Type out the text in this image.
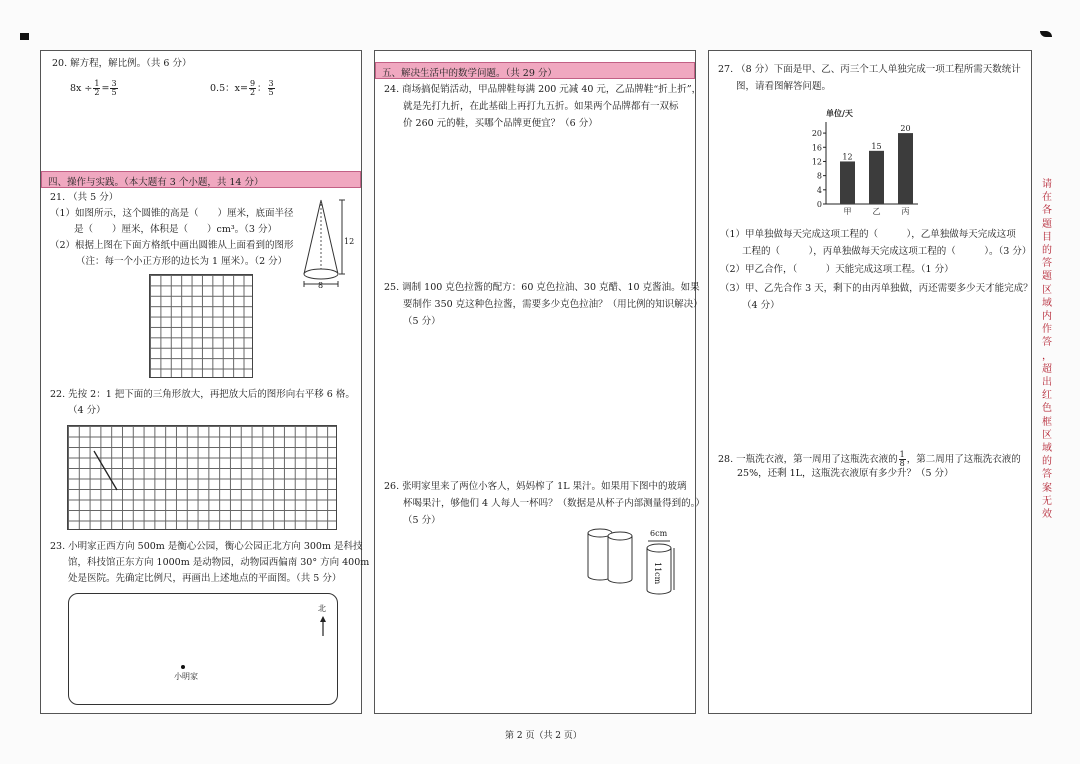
20. 解方程，解比例。（共 6 分）
$8x \div \frac{1}{2} = \frac{3}{5}$	0.5：$x= \frac{9}{2}$ ： $\frac{3}{5}$
四、操作与实践。（本大题有 3 个小题，共 14 分）
21. （共 5 分）
（1）如图所示，这个圆锥的高是（　　）厘米，底面半径
是（　　）厘米，体积是（　　）cm³。（3 分）
（2）根据上图在下面方格纸中画出圆锥从上面看到的图形
（注：每一个小正方形的边长为 1 厘米）。（2 分）
12
8
22. 先按 2：1 把下面的三角形放大，再把放大后的图形向右平移 6 格。
（4 分）
23. 小明家正西方向 500m 是衡心公园，衡心公园正北方向 300m 是科技
馆，科技馆正东方向 1000m 是动物园，动物园西偏南 30° 方向 400m
处是医院。先确定比例尺，再画出上述地点的平面图。（共 5 分）
北
小明家
五、解决生活中的数学问题。（共 29 分）
24. 商场搞促销活动，甲品牌鞋每满 200 元减 40 元，乙品牌鞋“折上折”，
就是先打九折，在此基础上再打九五折。如果两个品牌都有一双标
价 260 元的鞋，买哪个品牌更便宜？（6 分）
25. 调制 100 克色拉酱的配方：60 克色拉油、30 克醋、10 克酱油。如果
要制作 350 克这种色拉酱，需要多少克色拉油？（用比例的知识解决）
（5 分）
26. 张明家里来了两位小客人，妈妈榨了 1L 果汁。如果用下图中的玻璃
杯喝果汁，够他们 4 人每人一杯吗？（数据是从杯子内部测量得到的。）
（5 分）
6cm
11cm
27. （8 分）下面是甲、乙、丙三个工人单独完成一项工程所需天数统计
图，请看图解答问题。
单位/天
0
4
8
12
16
20
12
甲
15
乙
20
丙
（1）甲单独做每天完成这项工程的（　　　），乙单独做每天完成这项
工程的（　　　），丙单独做每天完成这项工程的（　　　）。（3 分）
（2）甲乙合作，（　　　）天能完成这项工程。（1 分）
（3）甲、乙先合作 3 天，剩下的由丙单独做，丙还需要多少天才能完成？
（4 分）
28. 一瓶洗衣液，第一周用了这瓶洗衣液的 $\frac{1}{8}$ ，第二周用了这瓶洗衣液的
25%，还剩 1L，这瓶洗衣液原有多少升？（5 分）
请
在
各
题
目
的
答
题
区
域
内
作
答
，
超
出
红
色
框
区
域
的
答
案
无
效
第 2 页（共 2 页）
